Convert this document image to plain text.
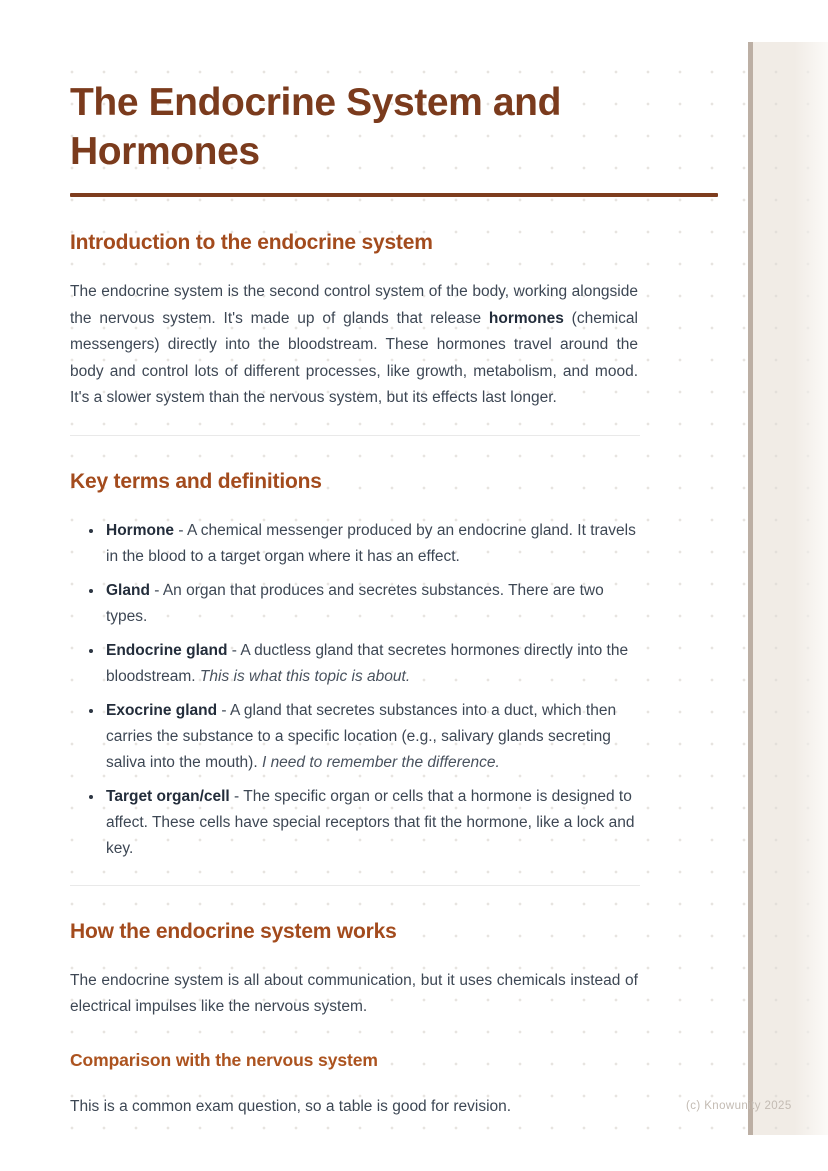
The Endocrine System and Hormones
Introduction to the endocrine system

The endocrine system is the second control system of the body, working alongside the nervous system. It's made up of glands that release hormones (chemical messengers) directly into the bloodstream. These hormones travel around the body and control lots of different processes, like growth, metabolism, and mood. It's a slower system than the nervous system, but its effects last longer.

Key terms and definitions
• Hormone - A chemical messenger produced by an endocrine gland. It travels in the blood to a target organ where it has an effect.
• Gland - An organ that produces and secretes substances. There are two types.
• Endocrine gland - A ductless gland that secretes hormones directly into the bloodstream. This is what this topic is about.
• Exocrine gland - A gland that secretes substances into a duct, which then carries the substance to a specific location (e.g., salivary glands secreting saliva into the mouth). I need to remember the difference.
• Target organ/cell - The specific organ or cells that a hormone is designed to affect. These cells have special receptors that fit the hormone, like a lock and key.
How the endocrine system works

The endocrine system is all about communication, but it uses chemicals instead of electrical impulses like the nervous system.

Comparison with the nervous system

This is a common exam question, so a table is good for revision.	(c) Knowunity 2025
